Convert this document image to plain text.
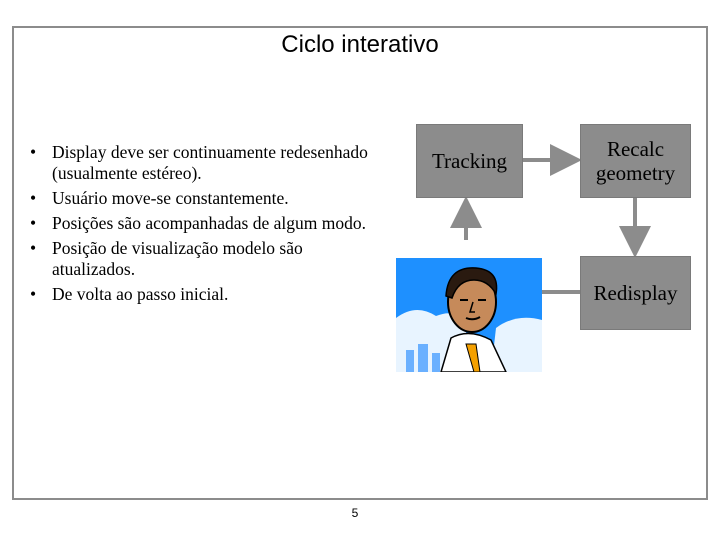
Ciclo interativo
• Display deve ser continuamente redesenhado (usualmente estéreo).
• Usuário move-se constantemente.
• Posições são acompanhadas de algum modo.
• Posição de visualização modelo são atualizados.
• De volta ao passo inicial.
Tracking	Recalc
geometry
Redisplay
5
